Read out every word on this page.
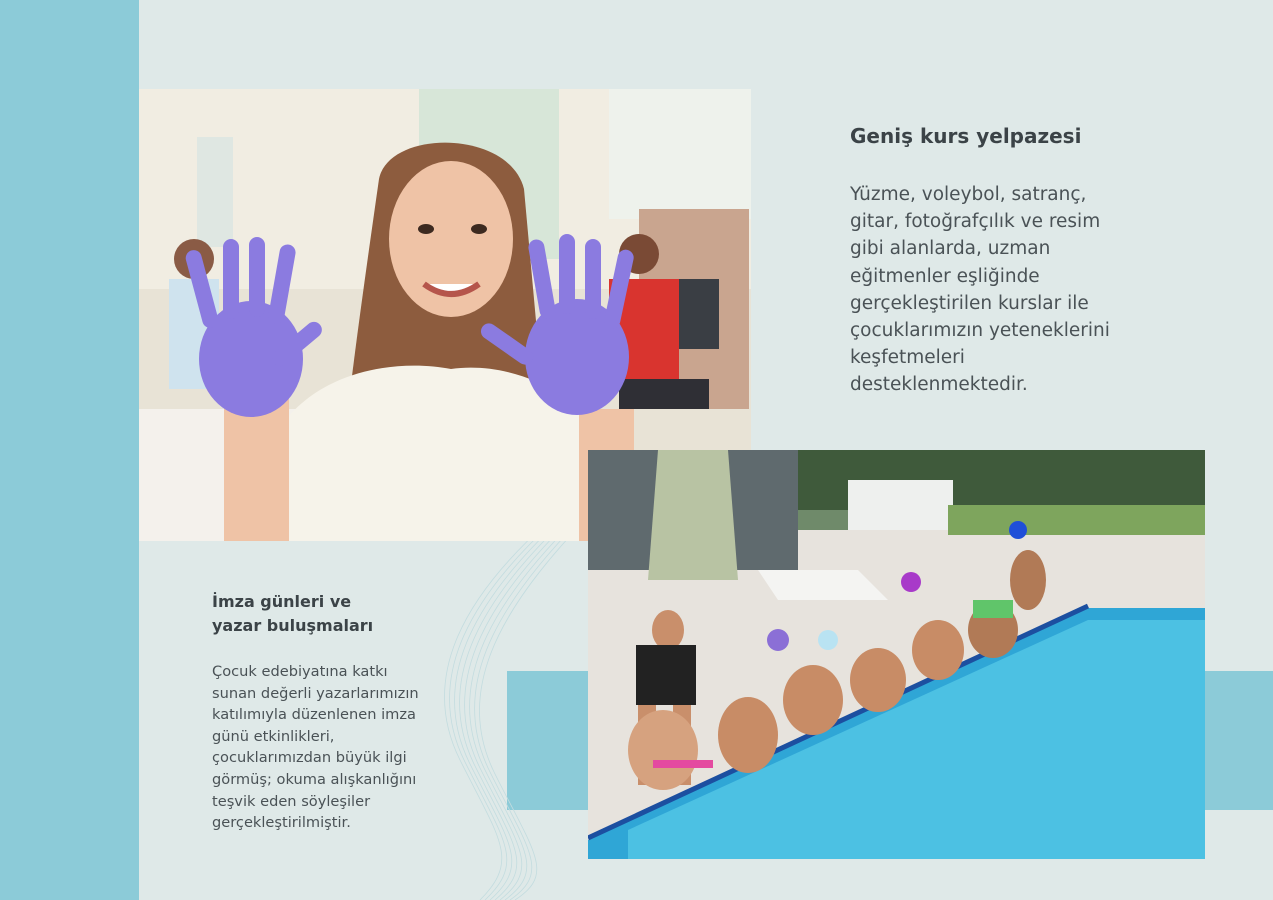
Geniş kurs yelpazesi

Yüzme, voleybol, satranç, gitar, fotoğrafçılık ve resim gibi alanlarda, uzman eğitmenler eşliğinde gerçekleştirilen kurslar ile çocuklarımızın yeteneklerini keşfetmeleri desteklenmektedir.

İmza günleri ve
yazar buluşmaları

Çocuk edebiyatına katkı sunan değerli yazarlarımızın katılımıyla düzenlenen imza günü etkinlikleri, çocuklarımızdan büyük ilgi görmüş; okuma alışkanlığını teşvik eden söyleşiler gerçekleştirilmiştir.
